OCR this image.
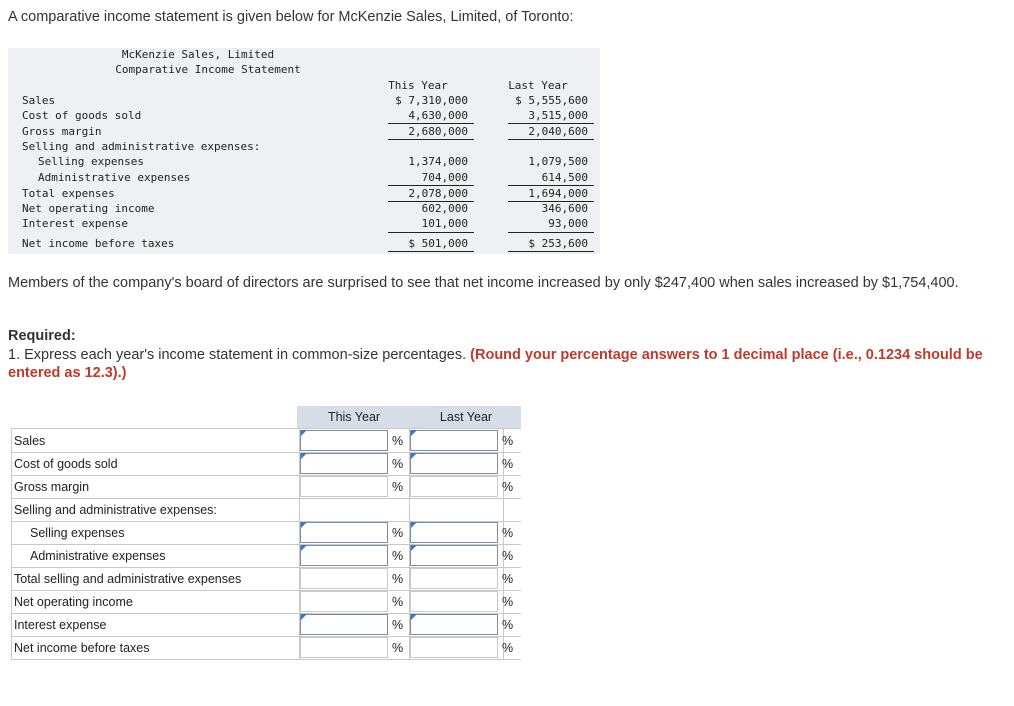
A comparative income statement is given below for McKenzie Sales, Limited, of Toronto:
McKenzie Sales, Limited
Comparative Income Statement
This Year	Last Year
Sales	$ 7,310,000	$ 5,555,600
Cost of goods sold	4,630,000	3,515,000
Gross margin	2,680,000	2,040,600
Selling and administrative expenses:
Selling expenses	1,374,000	1,079,500
Administrative expenses	704,000	614,500
Total expenses	2,078,000	1,694,000
Net operating income	602,000	346,600
Interest expense	101,000	93,000
Net income before taxes	$ 501,000	$ 253,600
Members of the company's board of directors are surprised to see that net income increased by only $247,400 when sales increased by $1,754,400.
Required:
1. Express each year's income statement in common-size percentages. (Round your percentage answers to 1 decimal place (i.e., 0.1234 should be entered as 12.3).)
This Year	Last Year
Sales	%	%
Cost of goods sold	%	%
Gross margin	%	%
Selling and administrative expenses:
Selling expenses	%	%
Administrative expenses	%	%
Total selling and administrative expenses	%	%
Net operating income	%	%
Interest expense	%	%
Net income before taxes	%	%
